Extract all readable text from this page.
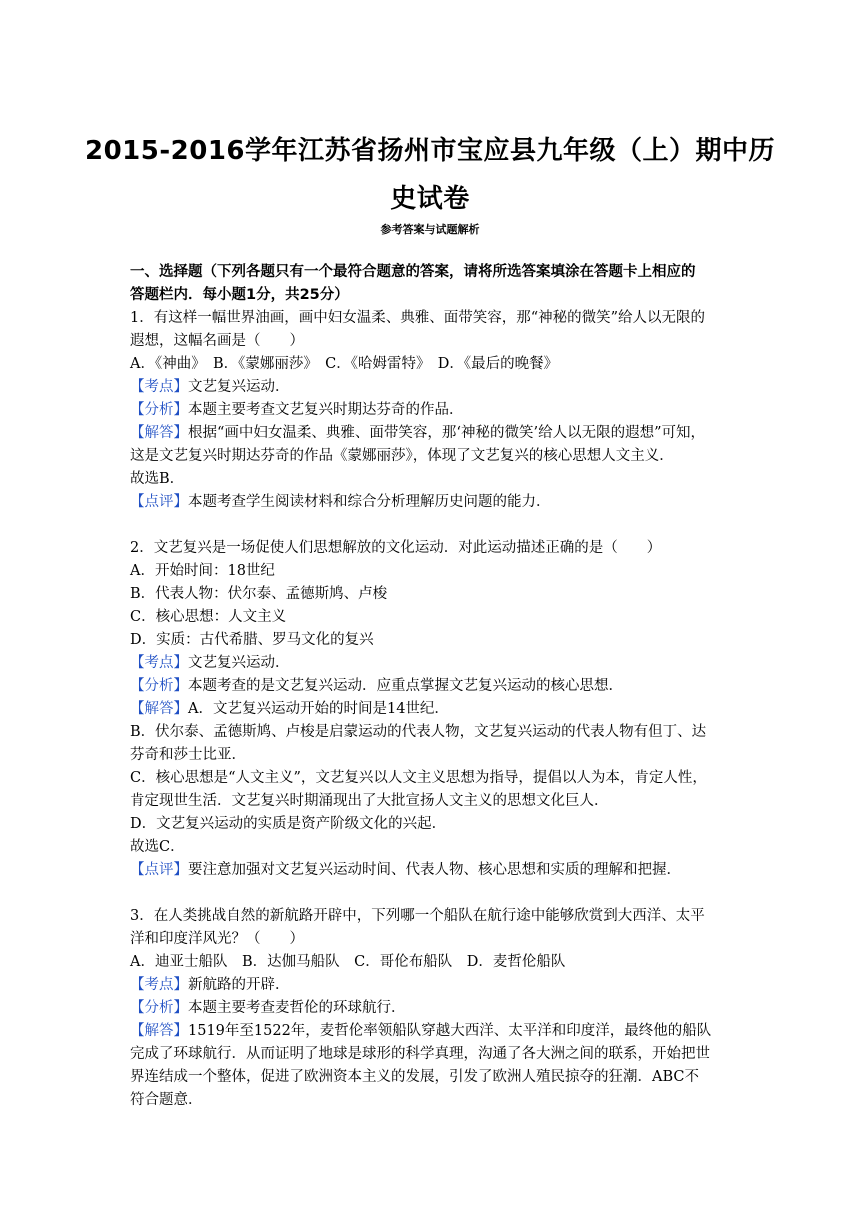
2015-2016学年江苏省扬州市宝应县九年级（上）期中历
史试卷
参考答案与试题解析
一、选择题（下列各题只有一个最符合题意的答案，请将所选答案填涂在答题卡上相应的
答题栏内．每小题1分，共25分）
1．有这样一幅世界油画，画中妇女温柔、典雅、面带笑容，那“神秘的微笑”给人以无限的
遐想，这幅名画是（　　）
A．《神曲》　B．《蒙娜丽莎》　C．《哈姆雷特》　D．《最后的晚餐》
【考点】文艺复兴运动．
【分析】本题主要考查文艺复兴时期达芬奇的作品．
【解答】根据“画中妇女温柔、典雅、面带笑容，那‘神秘的微笑’给人以无限的遐想”可知，
这是文艺复兴时期达芬奇的作品《蒙娜丽莎》，体现了文艺复兴的核心思想人文主义．
故选B．
【点评】本题考查学生阅读材料和综合分析理解历史问题的能力．
2．文艺复兴是一场促使人们思想解放的文化运动．对此运动描述正确的是（　　）
A．开始时间：18世纪
B．代表人物：伏尔泰、孟德斯鸠、卢梭
C．核心思想：人文主义
D．实质：古代希腊、罗马文化的复兴
【考点】文艺复兴运动．
【分析】本题考查的是文艺复兴运动．应重点掌握文艺复兴运动的核心思想．
【解答】A．文艺复兴运动开始的时间是14世纪．
B．伏尔泰、孟德斯鸠、卢梭是启蒙运动的代表人物，文艺复兴运动的代表人物有但丁、达
芬奇和莎士比亚．
C．核心思想是“人文主义”，文艺复兴以人文主义思想为指导，提倡以人为本，肯定人性，
肯定现世生活．文艺复兴时期涌现出了大批宣扬人文主义的思想文化巨人．
D．文艺复兴运动的实质是资产阶级文化的兴起．
故选C．
【点评】要注意加强对文艺复兴运动时间、代表人物、核心思想和实质的理解和把握．
3．在人类挑战自然的新航路开辟中，下列哪一个船队在航行途中能够欣赏到大西洋、太平
洋和印度洋风光？（　　）
A．迪亚士船队　B．达伽马船队　C．哥伦布船队　D．麦哲伦船队
【考点】新航路的开辟．
【分析】本题主要考查麦哲伦的环球航行．
【解答】1519年至1522年，麦哲伦率领船队穿越大西洋、太平洋和印度洋，最终他的船队
完成了环球航行．从而证明了地球是球形的科学真理，沟通了各大洲之间的联系，开始把世
界连结成一个整体，促进了欧洲资本主义的发展，引发了欧洲人殖民掠夺的狂潮．ABC不
符合题意．
